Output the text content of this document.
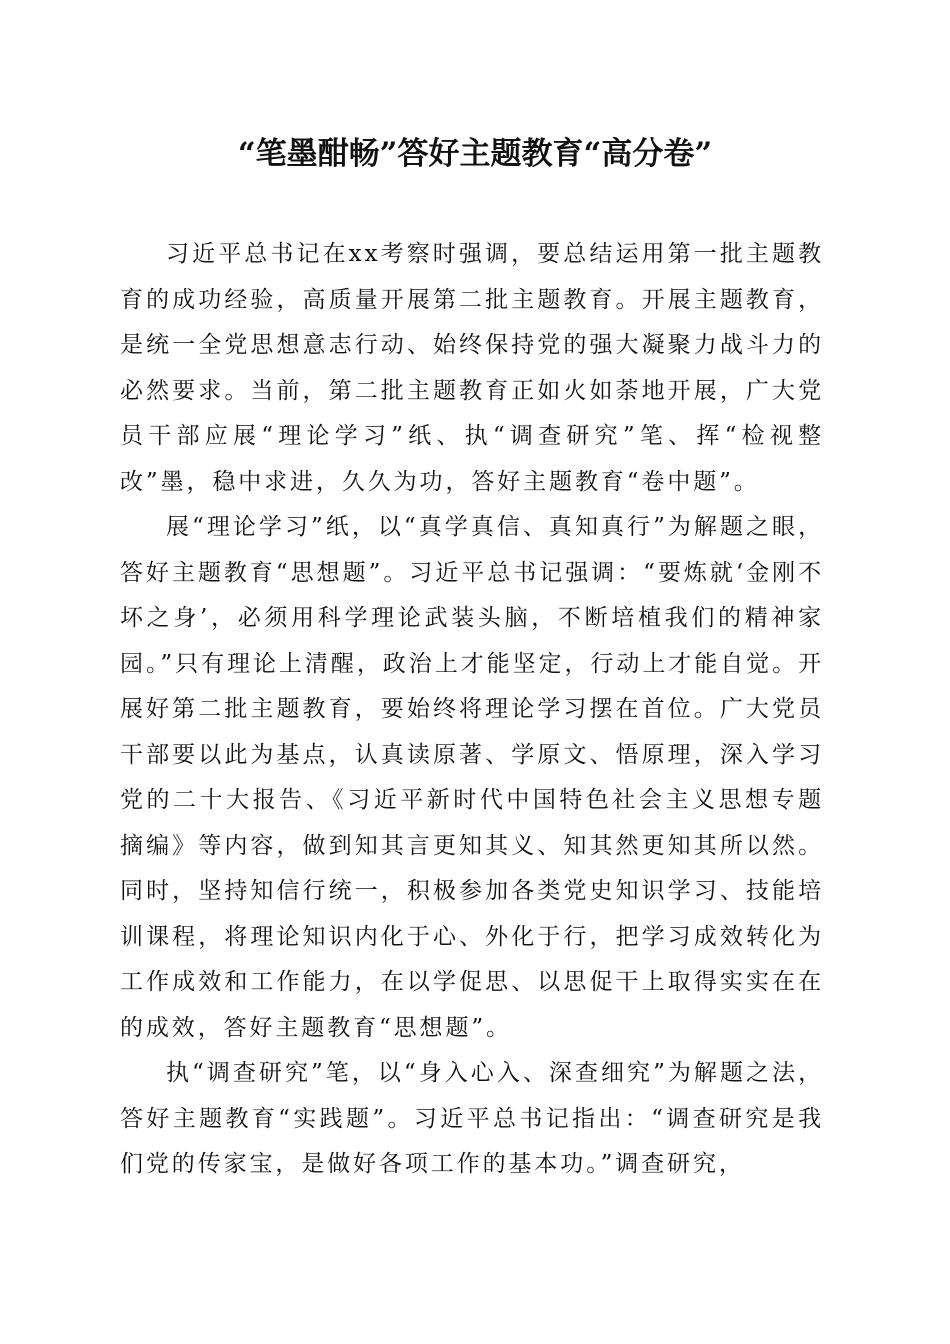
“笔墨酣畅”答好主题教育“高分卷”

习近平总书记在xx考察时强调，要总结运用第一批主题教育的成功经验，高质量开展第二批主题教育。开展主题教育，是统一全党思想意志行动、始终保持党的强大凝聚力战斗力的必然要求。当前，第二批主题教育正如火如荼地开展，广大党员干部应展“理论学习”纸、执“调查研究”笔、挥“检视整改”墨，稳中求进，久久为功，答好主题教育“卷中题”。

展“理论学习”纸，以“真学真信、真知真行”为解题之眼，答好主题教育“思想题”。习近平总书记强调：“要炼就‘金刚不坏之身’，必须用科学理论武装头脑，不断培植我们的精神家园。”只有理论上清醒，政治上才能坚定，行动上才能自觉。开展好第二批主题教育，要始终将理论学习摆在首位。广大党员干部要以此为基点，认真读原著、学原文、悟原理，深入学习党的二十大报告、《习近平新时代中国特色社会主义思想专题摘编》等内容，做到知其言更知其义、知其然更知其所以然。同时，坚持知信行统一，积极参加各类党史知识学习、技能培训课程，将理论知识内化于心、外化于行，把学习成效转化为工作成效和工作能力，在以学促思、以思促干上取得实实在在的成效，答好主题教育“思想题”。

执“调查研究”笔，以“身入心入、深查细究”为解题之法，答好主题教育“实践题”。习近平总书记指出：“调查研究是我们党的传家宝，是做好各项工作的基本功。”调查研究，
